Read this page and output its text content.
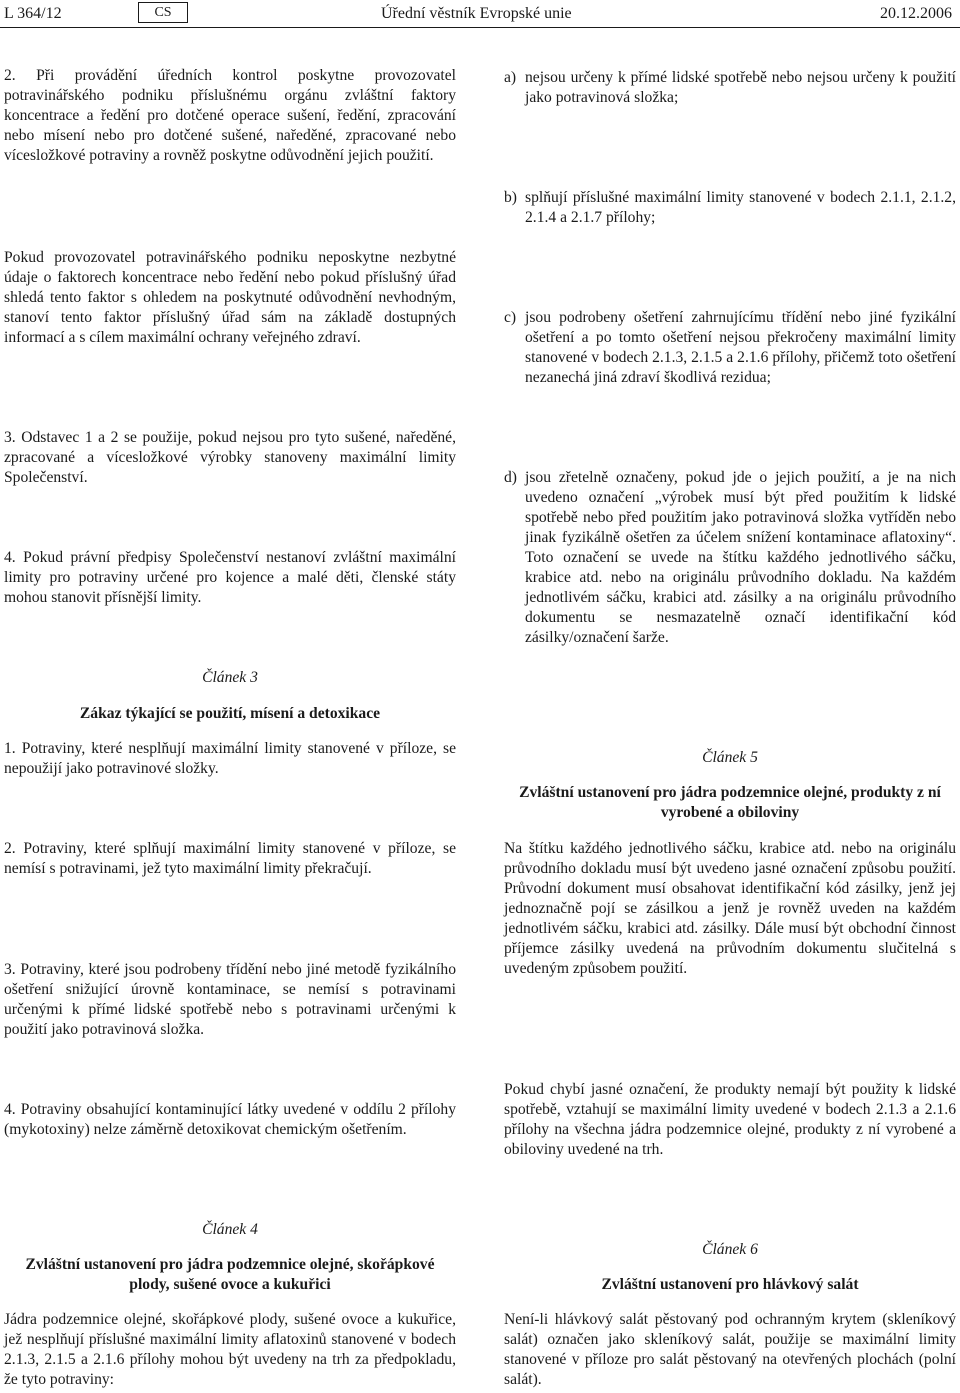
L 364/12	CS	Úřední věstník Evropské unie	20.12.2006

2. Při provádění úředních kontrol poskytne provozovatel potravinářského podniku příslušnému orgánu zvláštní faktory koncentrace a ředění pro dotčené operace sušení, ředění, zpracování nebo mísení nebo pro dotčené sušené, naředěné, zpracované nebo vícesložkové potraviny a rovněž poskytne odůvodnění jejich použití.

Pokud provozovatel potravinářského podniku neposkytne nezbytné údaje o faktorech koncentrace nebo ředění nebo pokud příslušný úřad shledá tento faktor s ohledem na poskytnuté odůvodnění nevhodným, stanoví tento faktor příslušný úřad sám na základě dostupných informací a s cílem maximální ochrany veřejného zdraví.

3. Odstavec 1 a 2 se použije, pokud nejsou pro tyto sušené, naředěné, zpracované a vícesložkové výrobky stanoveny maximální limity Společenství.

4. Pokud právní předpisy Společenství nestanoví zvláštní maximální limity pro potraviny určené pro kojence a malé děti, členské státy mohou stanovit přísnější limity.

Článek 3
Zákaz týkající se použití, mísení a detoxikace

1. Potraviny, které nesplňují maximální limity stanovené v příloze, se nepoužijí jako potravinové složky.

2. Potraviny, které splňují maximální limity stanovené v příloze, se nemísí s potravinami, jež tyto maximální limity překračují.

3. Potraviny, které jsou podrobeny třídění nebo jiné metodě fyzikálního ošetření snižující úrovně kontaminace, se nemísí s potravinami určenými k přímé lidské spotřebě nebo s potravinami určenými k použití jako potravinová složka.

4. Potraviny obsahující kontaminující látky uvedené v oddílu 2 přílohy (mykotoxiny) nelze záměrně detoxikovat chemickým ošetřením.

Článek 4
Zvláštní ustanovení pro jádra podzemnice olejné, skořápkové plody, sušené ovoce a kukuřici

Jádra podzemnice olejné, skořápkové plody, sušené ovoce a kukuřice, jež nesplňují příslušné maximální limity aflatoxinů stanovené v bodech 2.1.3, 2.1.5 a 2.1.6 přílohy mohou být uvedeny na trh za předpokladu, že tyto potraviny:

a) nejsou určeny k přímé lidské spotřebě nebo nejsou určeny k použití jako potravinová složka;
b) splňují příslušné maximální limity stanovené v bodech 2.1.1, 2.1.2, 2.1.4 a 2.1.7 přílohy;
c) jsou podrobeny ošetření zahrnujícímu třídění nebo jiné fyzikální ošetření a po tomto ošetření nejsou překročeny maximální limity stanovené v bodech 2.1.3, 2.1.5 a 2.1.6 přílohy, přičemž toto ošetření nezanechá jiná zdraví škodlivá rezidua;
d) jsou zřetelně označeny, pokud jde o jejich použití, a je na nich uvedeno označení „výrobek musí být před použitím k lidské spotřebě nebo před použitím jako potravinová složka vytříděn nebo jinak fyzikálně ošetřen za účelem snížení kontaminace aflatoxiny“. Toto označení se uvede na štítku každého jednotlivého sáčku, krabice atd. nebo na originálu průvodního dokladu. Na každém jednotlivém sáčku, krabici atd. zásilky a na originálu průvodního dokumentu se nesmazatelně označí identifikační kód zásilky/označení šarže.
Článek 5
Zvláštní ustanovení pro jádra podzemnice olejné, produkty z ní vyrobené a obiloviny

Na štítku každého jednotlivého sáčku, krabice atd. nebo na originálu průvodního dokladu musí být uvedeno jasné označení způsobu použití. Průvodní dokument musí obsahovat identifikační kód zásilky, jenž jej jednoznačně pojí se zásilkou a jenž je rovněž uveden na každém jednotlivém sáčku, krabici atd. zásilky. Dále musí být obchodní činnost příjemce zásilky uvedená na průvodním dokumentu slučitelná s uvedeným způsobem použití.

Pokud chybí jasné označení, že produkty nemají být použity k lidské spotřebě, vztahují se maximální limity uvedené v bodech 2.1.3 a 2.1.6 přílohy na všechna jádra podzemnice olejné, produkty z ní vyrobené a obiloviny uvedené na trh.

Článek 6
Zvláštní ustanovení pro hlávkový salát

Není-li hlávkový salát pěstovaný pod ochranným krytem (skleníkový salát) označen jako skleníkový salát, použije se maximální limity stanovené v příloze pro salát pěstovaný na otevřených plochách (polní salát).
